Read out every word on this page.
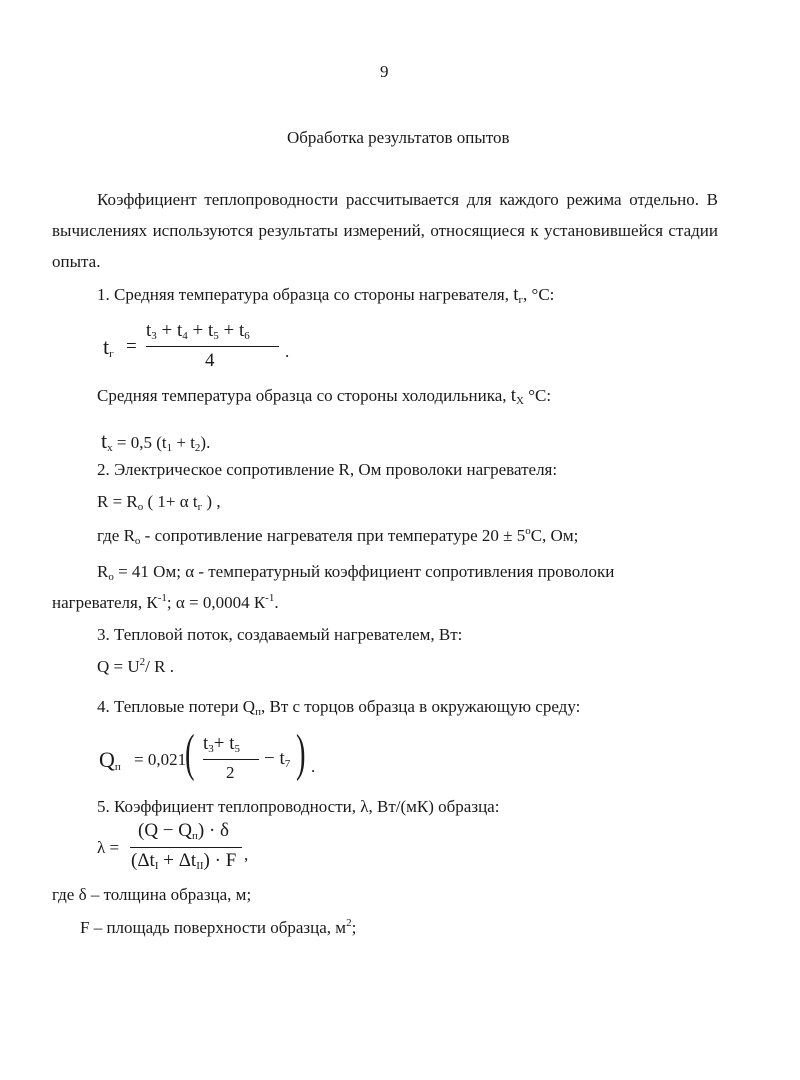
9
Обработка результатов опытов
Коэффициент теплопроводности рассчитывается для каждого режима отдельно. В вычислениях используются результаты измерений, относящиеся к установившейся стадии опыта.
1. Средняя температура образца со стороны нагревателя, $t_г$, °C:
$t_г$ =
$t_3 + t_4 + t_5 + t_6$
4	.
Средняя температура образца со стороны холодильника, $t_X$ °C:
$t_x = 0,5$ $(t_1 + t_2)$.
2. Электрическое сопротивление R, Ом проволоки нагревателя:
$R = R_o$ ( 1+ α $t_г$ ) ,
где $R_o$ - сопротивление нагревателя при температуре $20 \pm 5^oС$, Ом;
$R_o = 41$ Ом; α - температурный коэффициент сопротивления проволоки
нагревателя, $К^{-1}$; α = 0,0004 $К^{-1}$.
3. Тепловой поток, создаваемый нагревателем, Вт:
$Q = U^2/$ R .
4. Тепловые потери $Q_п$, Вт с торцов образца в окружающую среду:
$Q_п = 0,021$
( $t_3+ t_5$
2
− $t_7$ ) .
5. Коэффициент теплопроводности, λ, Вт/(мК) образца:
λ =
$(Q - Q_п) \cdot \delta$
$(\Delta t_I + \Delta t_{II}) \cdot F$ ,
где δ – толщина образца, м;
F – площадь поверхности образца, $м^2$;
